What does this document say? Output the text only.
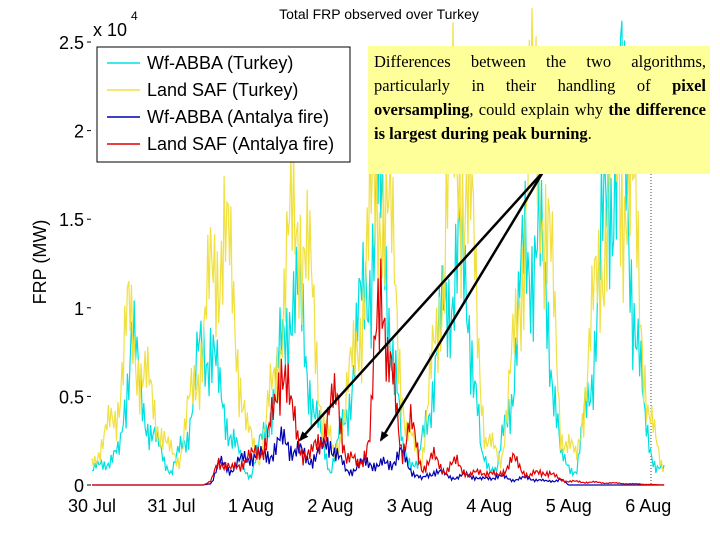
Total FRP observed over Turkey
0
0.5
1
1.5
2
2.5
30 Jul 31 Jul 1 Aug 2 Aug 3 Aug 4 Aug 5 Aug 6 Aug
FRP (MW)
x 10
4
Wf-ABBA (Turkey)
Land SAF (Turkey)
Wf-ABBA (Antalya fire)
Land SAF (Antalya fire)
Differences between the two algorithms, particularly in their handling of pixel oversampling, could explain why the difference is largest during peak burning.
